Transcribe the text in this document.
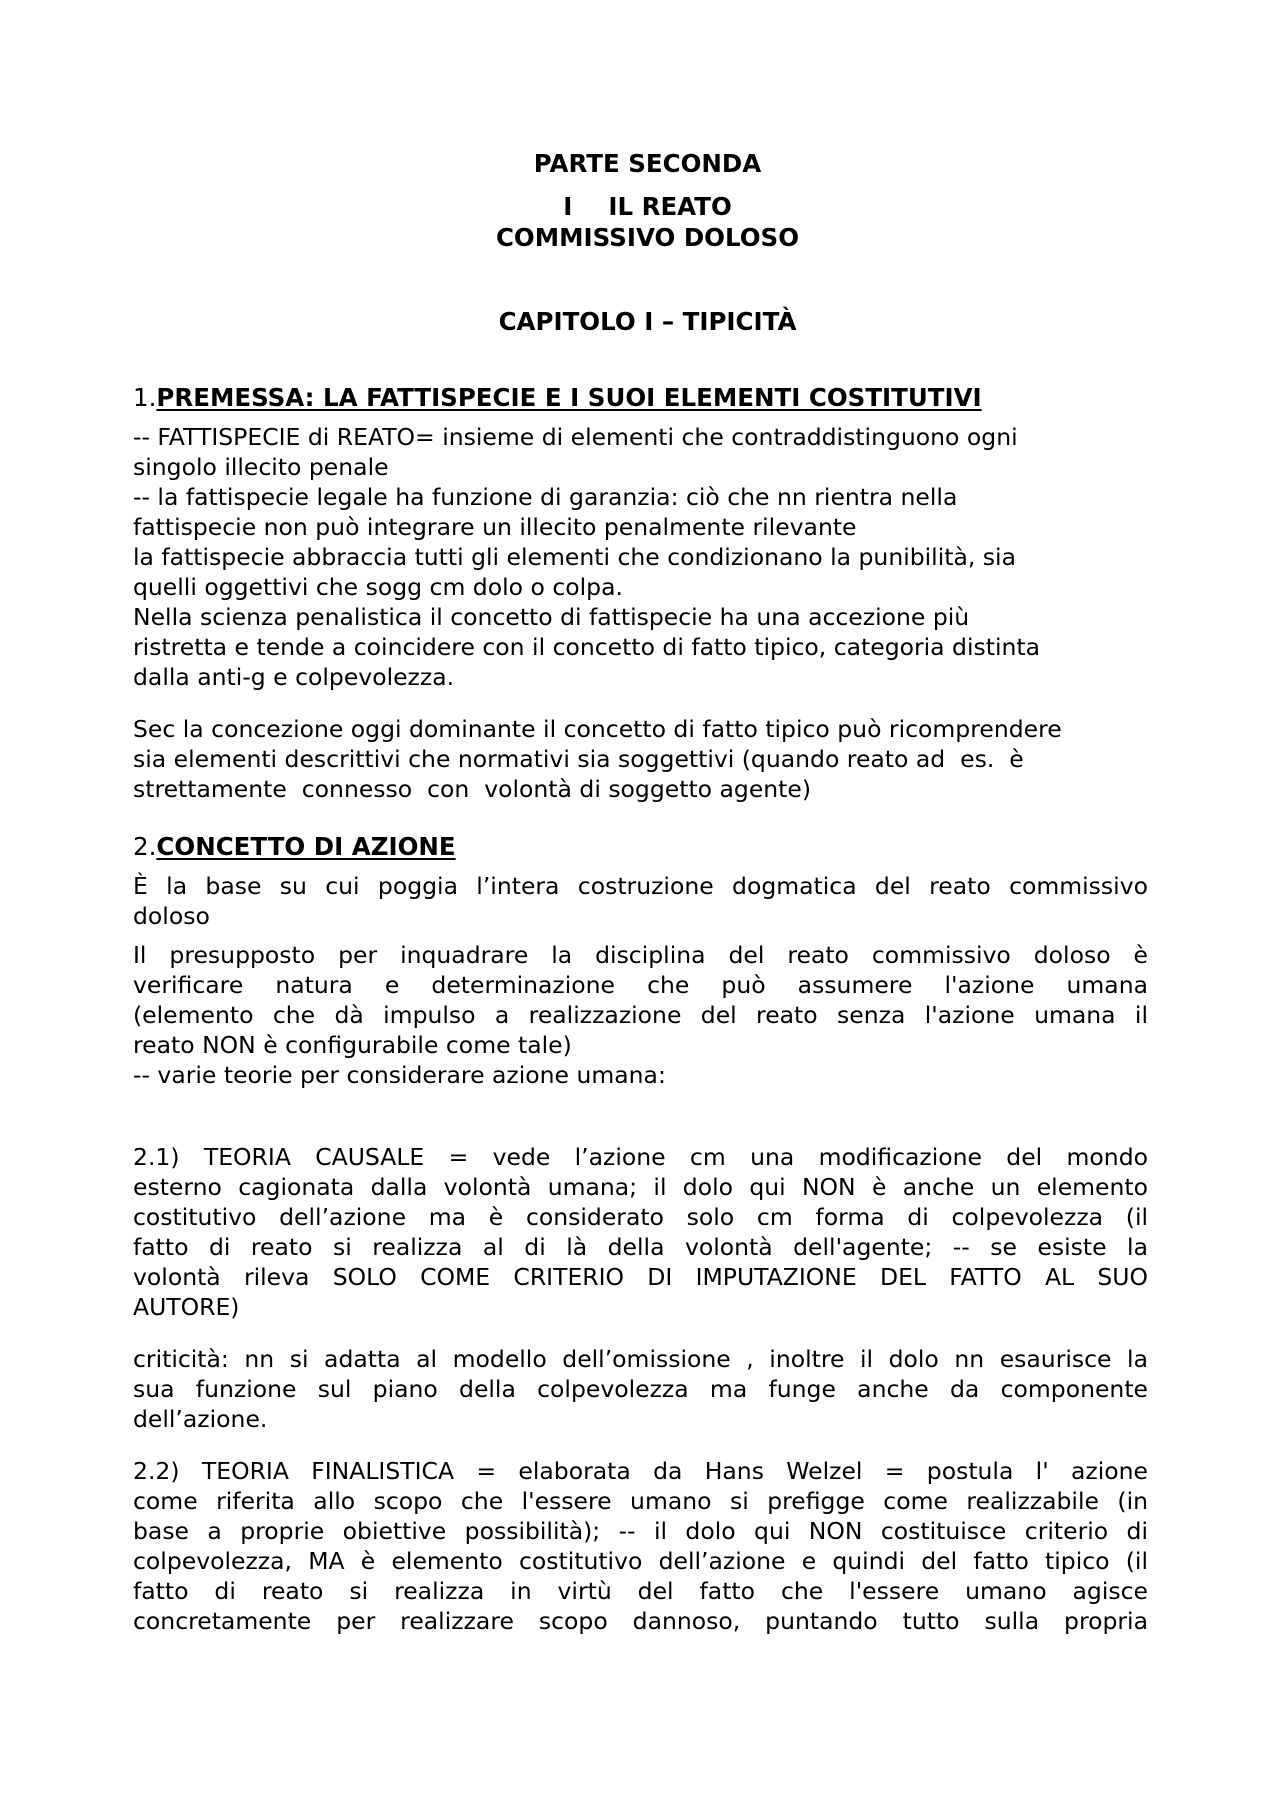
PARTE SECONDA
I IL REATO
COMMISSIVO DOLOSO
CAPITOLO I – TIPICITÀ
1.PREMESSA: LA FATTISPECIE E I SUOI ELEMENTI COSTITUTIVI
-- FATTISPECIE di REATO= insieme di elementi che contraddistinguono ogni
singolo illecito penale
-- la fattispecie legale ha funzione di garanzia: ciò che nn rientra nella
fattispecie non può integrare un illecito penalmente rilevante
la fattispecie abbraccia tutti gli elementi che condizionano la punibilità, sia
quelli oggettivi che sogg cm dolo o colpa.
Nella scienza penalistica il concetto di fattispecie ha una accezione più
ristretta e tende a coincidere con il concetto di fatto tipico, categoria distinta
dalla anti-g e colpevolezza.
Sec la concezione oggi dominante il concetto di fatto tipico può ricomprendere
sia elementi descrittivi che normativi sia soggettivi (quando reato ad  es.  è
strettamente  connesso  con  volontà di soggetto agente)
2.CONCETTO DI AZIONE
È la base su cui poggia l’intera costruzione dogmatica del reato commissivo
doloso
Il presupposto per inquadrare la disciplina del reato commissivo doloso è
verificare natura e determinazione che può assumere l'azione umana
(elemento che dà impulso a realizzazione del reato senza l'azione umana il
reato NON è configurabile come tale)
-- varie teorie per considerare azione umana:
2.1) TEORIA CAUSALE = vede l’azione cm una modificazione del mondo
esterno cagionata dalla volontà umana; il dolo qui NON è anche un elemento
costitutivo dell’azione ma è considerato solo cm forma di colpevolezza (il
fatto di reato si realizza al di là della volontà dell'agente; -- se esiste la
volontà rileva SOLO COME CRITERIO DI IMPUTAZIONE DEL FATTO AL SUO
AUTORE)
criticità: nn si adatta al modello dell’omissione , inoltre il dolo nn esaurisce la
sua funzione sul piano della colpevolezza ma funge anche da componente
dell’azione.
2.2) TEORIA FINALISTICA = elaborata da Hans Welzel = postula l' azione
come riferita allo scopo che l'essere umano si prefigge come realizzabile (in
base a proprie obiettive possibilità); -- il dolo qui NON costituisce criterio di
colpevolezza, MA è elemento costitutivo dell’azione e quindi del fatto tipico (il
fatto di reato si realizza in virtù del fatto che l'essere umano agisce
concretamente per realizzare scopo dannoso, puntando tutto sulla propria
